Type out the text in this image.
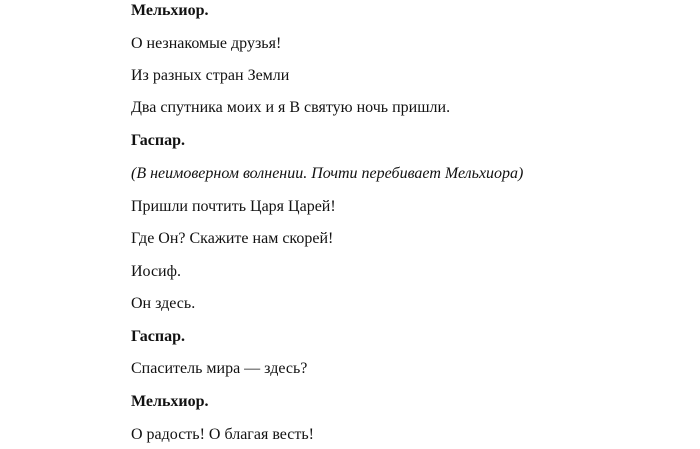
Мельхиор.

О незнакомые друзья!

Из разных стран Земли

Два спутника моих и я В святую ночь пришли.

Гаспар.

(В неимоверном волнении. Почти перебивает Мельхиора)

Пришли почтить Царя Царей!

Где Он? Скажите нам скорей!

Иосиф.

Он здесь.

Гаспар.

Спаситель мира — здесь?

Мельхиор.

О радость! О благая весть!
